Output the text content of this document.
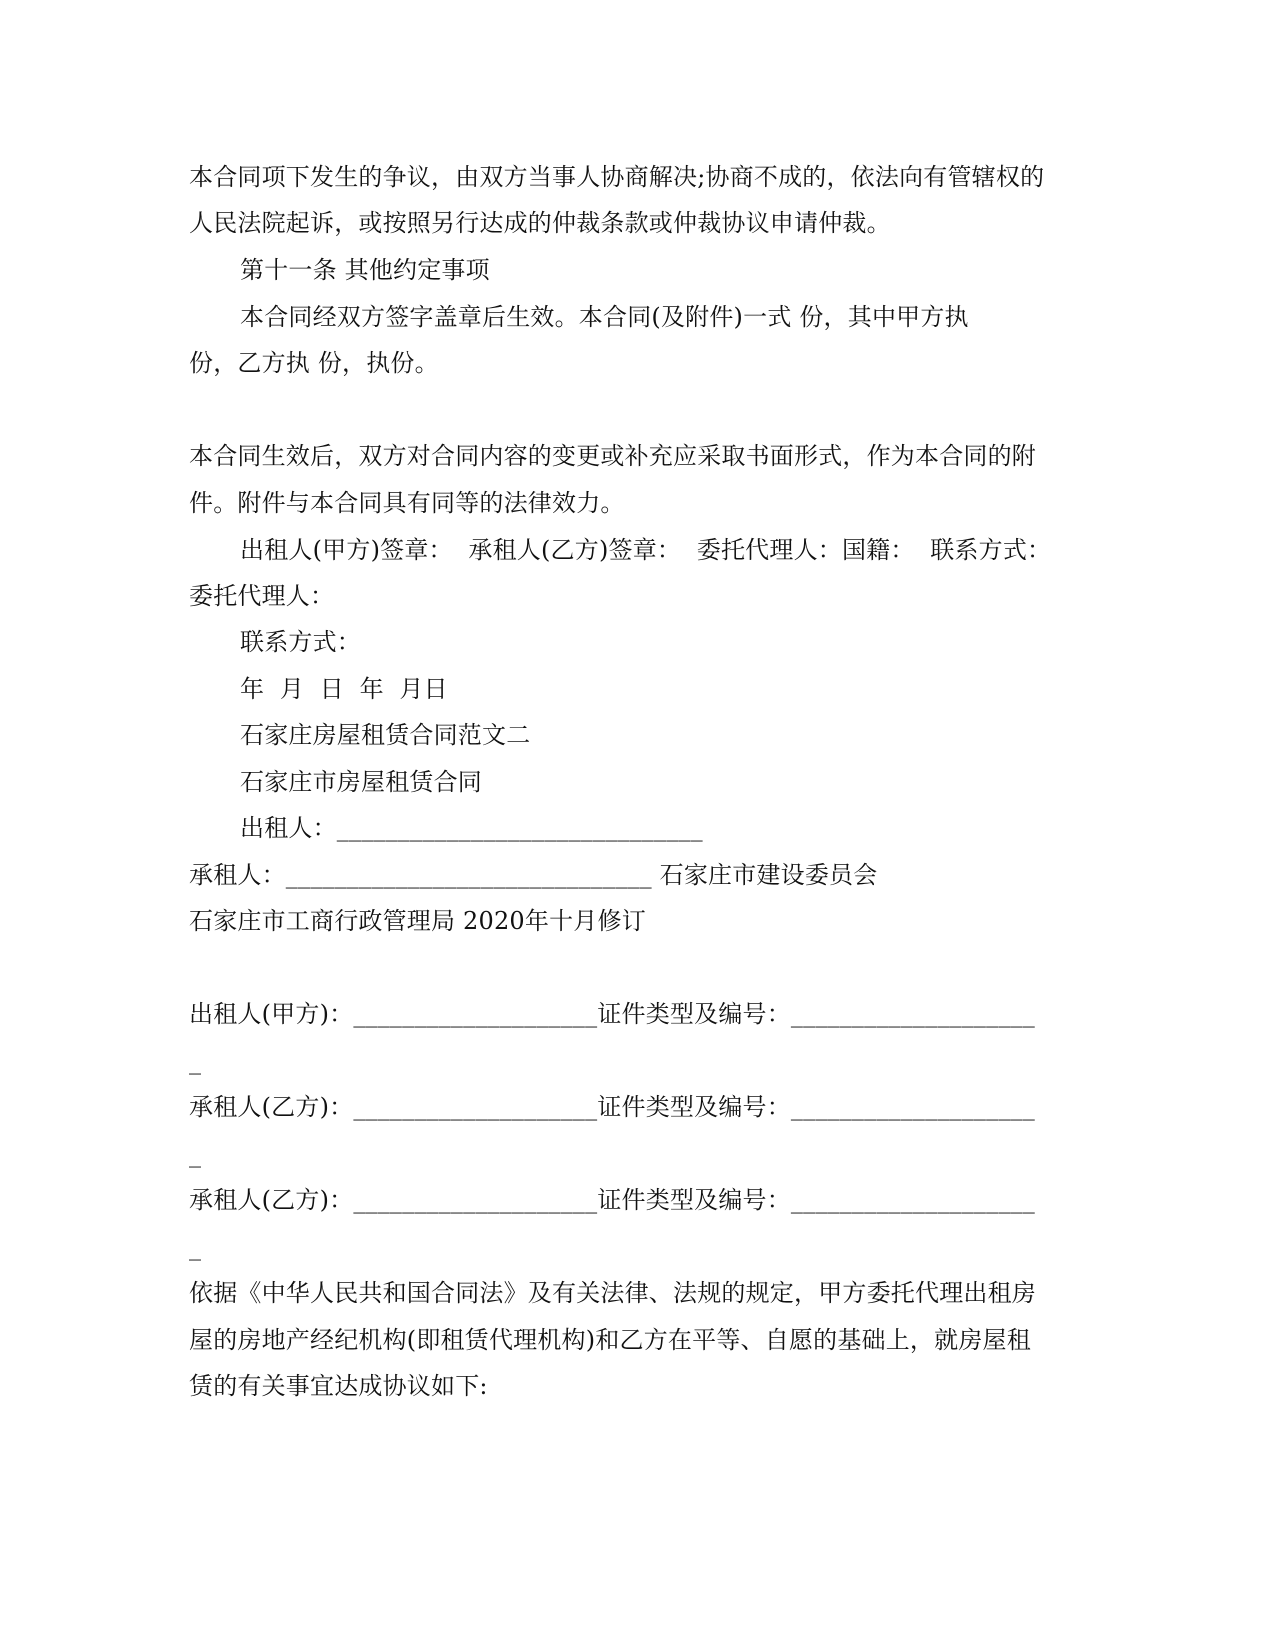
本合同项下发生的争议，由双方当事人协商解决;协商不成的，依法向有管辖权的
人民法院起诉，或按照另行达成的仲裁条款或仲裁协议申请仲裁。
第十一条 其他约定事项
本合同经双方签字盖章后生效。本合同(及附件)一式 份，其中甲方执
份，乙方执 份，执份。
本合同生效后，双方对合同内容的变更或补充应采取书面形式，作为本合同的附
件。附件与本合同具有同等的法律效力。
出租人(甲方)签章：  承租人(乙方)签章：  委托代理人：国籍：  联系方式：
委托代理人：
联系方式：
年  月  日  年  月日
石家庄房屋租赁合同范文二
石家庄市房屋租赁合同
出租人：______________________________
承租人：______________________________ 石家庄市建设委员会
石家庄市工商行政管理局 2020年十月修订
出租人(甲方)：____________________证件类型及编号：____________________
_
承租人(乙方)：____________________证件类型及编号：____________________
_
承租人(乙方)：____________________证件类型及编号：____________________
_
依据《中华人民共和国合同法》及有关法律、法规的规定，甲方委托代理出租房
屋的房地产经纪机构(即租赁代理机构)和乙方在平等、自愿的基础上，就房屋租
赁的有关事宜达成协议如下:
